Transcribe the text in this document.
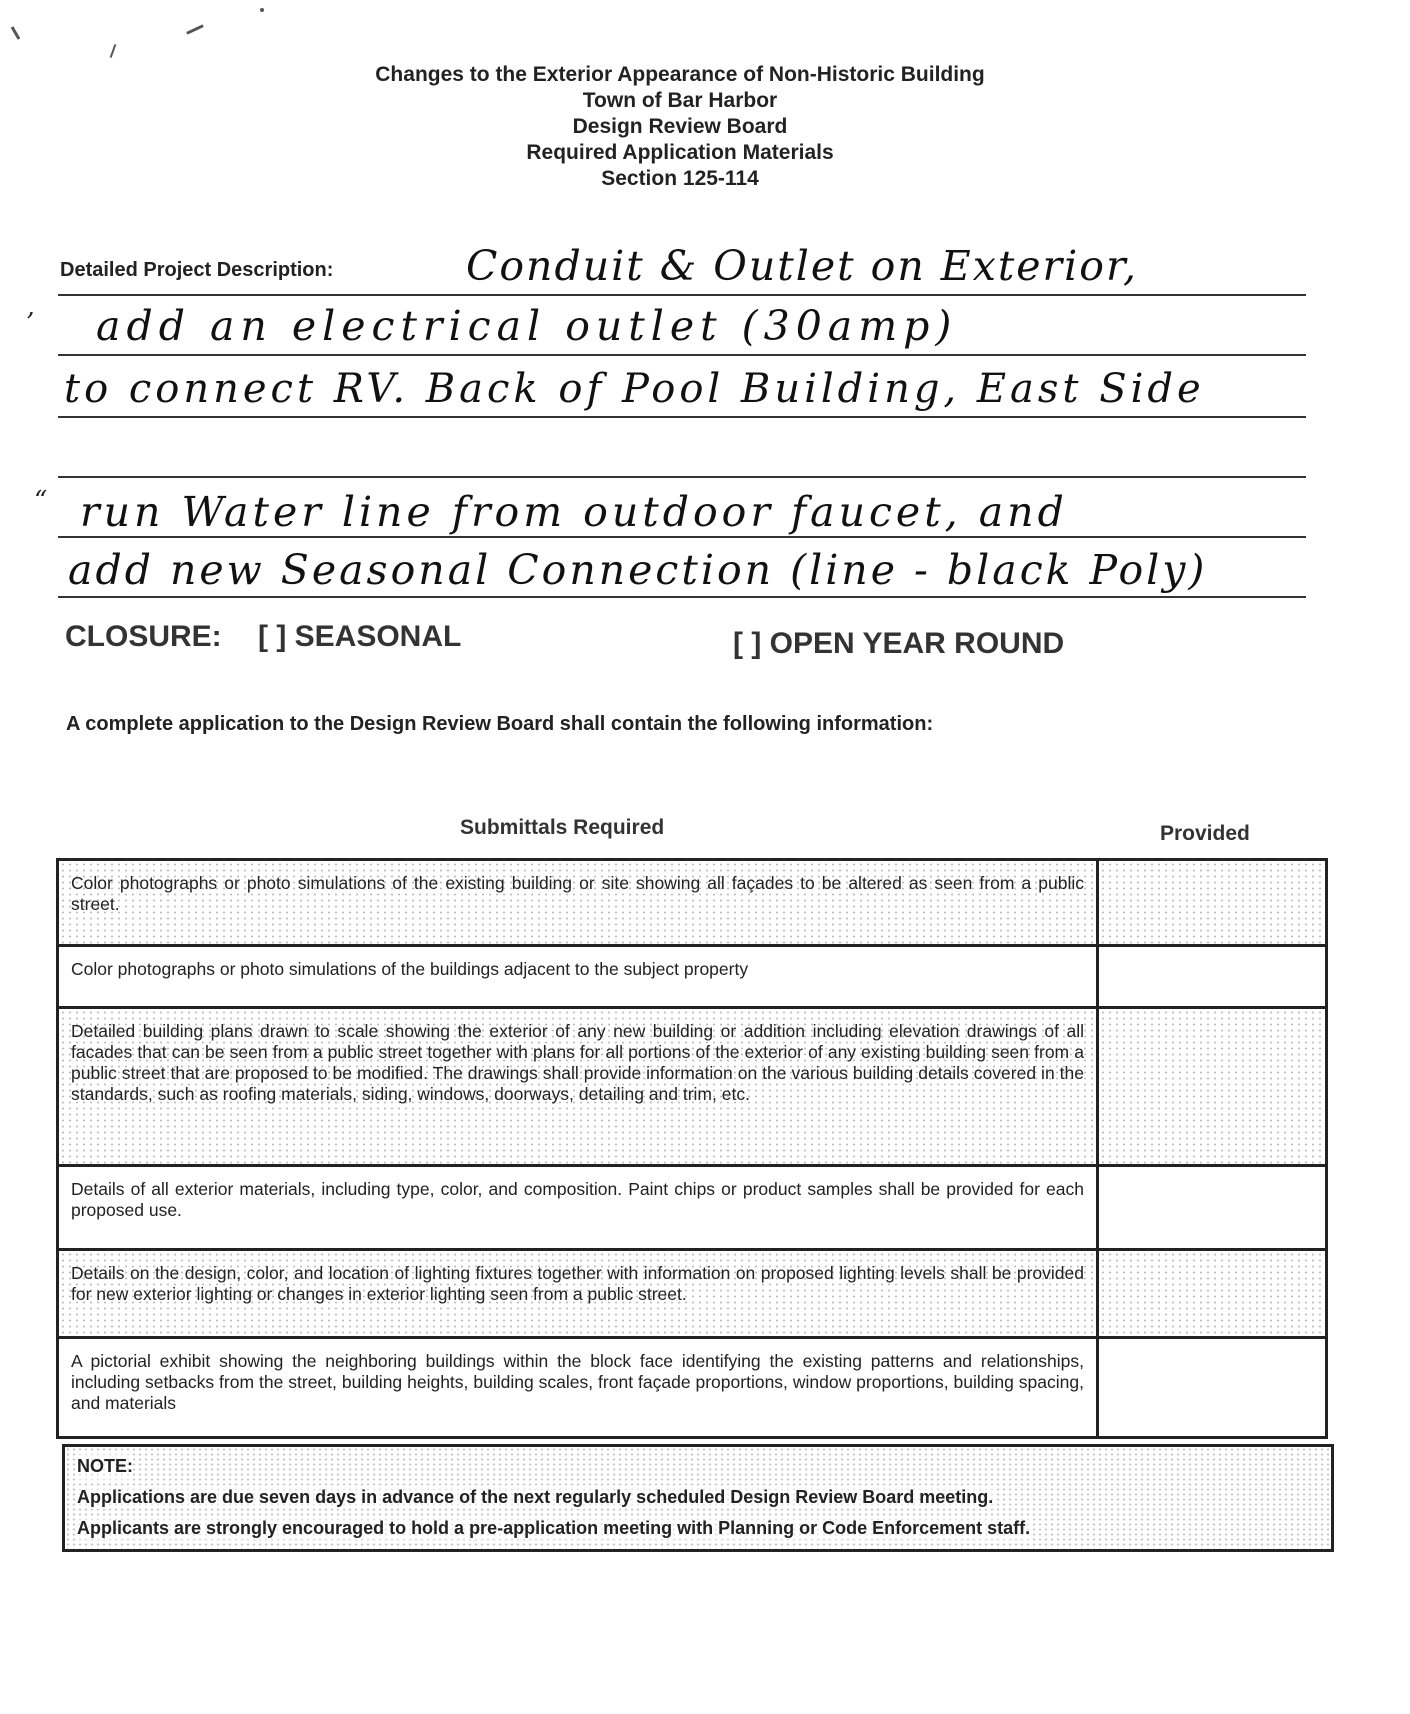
Changes to the Exterior Appearance of Non-Historic Building
Town of Bar Harbor
Design Review Board
Required Application Materials
Section 125-114
Detailed Project Description:	Conduit & Outlet on Exterior,
add an electrical outlet (30amp)
to connect RV. Back of Pool Building, East Side
run Water line from outdoor faucet, and
add new Seasonal Connection (line - black Poly)
’
“
CLOSURE: [ ] SEASONAL	[ ] OPEN YEAR ROUND
A complete application to the Design Review Board shall contain the following information:
Submittals Required	Provided
Color photographs or photo simulations of the existing building or site showing all façades to be altered as seen from a public street.	
Color photographs or photo simulations of the buildings adjacent to the subject property	
Detailed building plans drawn to scale showing the exterior of any new building or addition including elevation drawings of all facades that can be seen from a public street together with plans for all portions of the exterior of any existing building seen from a public street that are proposed to be modified. The drawings shall provide information on the various building details covered in the standards, such as roofing materials, siding, windows, doorways, detailing and trim, etc.	
Details of all exterior materials, including type, color, and composition. Paint chips or product samples shall be provided for each proposed use.	
Details on the design, color, and location of lighting fixtures together with information on proposed lighting levels shall be provided for new exterior lighting or changes in exterior lighting seen from a public street.	
A pictorial exhibit showing the neighboring buildings within the block face identifying the existing patterns and relationships, including setbacks from the street, building heights, building scales, front façade proportions, window proportions, building spacing, and materials	
NOTE:
Applications are due seven days in advance of the next regularly scheduled Design Review Board meeting.
Applicants are strongly encouraged to hold a pre-application meeting with Planning or Code Enforcement staff.
